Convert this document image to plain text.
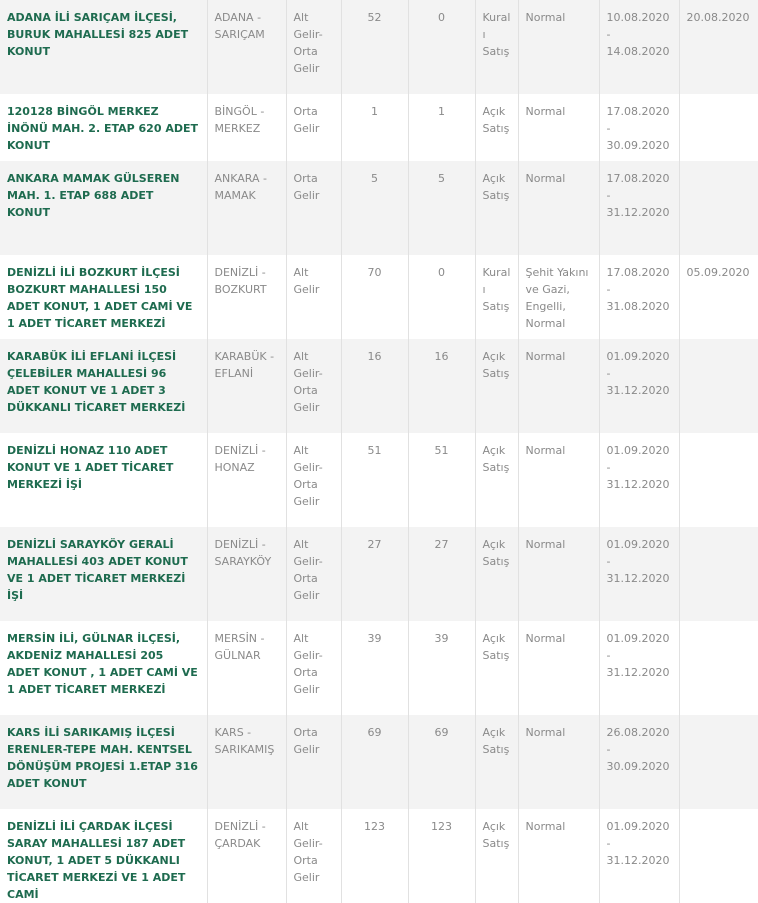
ADANA İLİ SARIÇAM İLÇESİ, BURUK MAHALLESİ 825 ADET KONUT	ADANA - SARIÇAM	Alt Gelir-Orta Gelir	52	0	Kuralı Satış	Normal	10.08.2020 - 14.08.2020	20.08.2020
120128 BİNGÖL MERKEZ İNÖNÜ MAH. 2. ETAP 620 ADET KONUT	BİNGÖL - MERKEZ	Orta Gelir	1	1	Açık Satış	Normal	17.08.2020 - 30.09.2020	
ANKARA MAMAK GÜLSEREN MAH. 1. ETAP 688 ADET KONUT	ANKARA - MAMAK	Orta Gelir	5	5	Açık Satış	Normal	17.08.2020 - 31.12.2020	
DENİZLİ İLİ BOZKURT İLÇESİ BOZKURT MAHALLESİ 150 ADET KONUT, 1 ADET CAMİ VE 1 ADET TİCARET MERKEZİ	DENİZLİ - BOZKURT	Alt Gelir	70	0	Kuralı Satış	Şehit Yakını ve Gazi, Engelli, Normal	17.08.2020 - 31.08.2020	05.09.2020
KARABÜK İLİ EFLANİ İLÇESİ ÇELEBİLER MAHALLESİ 96 ADET KONUT VE 1 ADET 3 DÜKKANLI TİCARET MERKEZİ	KARABÜK - EFLANİ	Alt Gelir-Orta Gelir	16	16	Açık Satış	Normal	01.09.2020 - 31.12.2020	
DENİZLİ HONAZ 110 ADET KONUT VE 1 ADET TİCARET MERKEZİ İŞİ	DENİZLİ - HONAZ	Alt Gelir-Orta Gelir	51	51	Açık Satış	Normal	01.09.2020 - 31.12.2020	
DENİZLİ SARAYKÖY GERALİ MAHALLESİ 403 ADET KONUT VE 1 ADET TİCARET MERKEZİ İŞİ	DENİZLİ - SARAYKÖY	Alt Gelir-Orta Gelir	27	27	Açık Satış	Normal	01.09.2020 - 31.12.2020	
MERSİN İLİ, GÜLNAR İLÇESİ, AKDENİZ MAHALLESİ 205 ADET KONUT , 1 ADET CAMİ VE 1 ADET TİCARET MERKEZİ	MERSİN - GÜLNAR	Alt Gelir-Orta Gelir	39	39	Açık Satış	Normal	01.09.2020 - 31.12.2020	
KARS İLİ SARIKAMIŞ İLÇESİ ERENLER-TEPE MAH. KENTSEL DÖNÜŞÜM PROJESİ 1.ETAP 316 ADET KONUT	KARS - SARIKAMIŞ	Orta Gelir	69	69	Açık Satış	Normal	26.08.2020 - 30.09.2020	
DENİZLİ İLİ ÇARDAK İLÇESİ SARAY MAHALLESİ 187 ADET KONUT, 1 ADET 5 DÜKKANLI TİCARET MERKEZİ VE 1 ADET CAMİ	DENİZLİ - ÇARDAK	Alt Gelir-Orta Gelir	123	123	Açık Satış	Normal	01.09.2020 - 31.12.2020	
